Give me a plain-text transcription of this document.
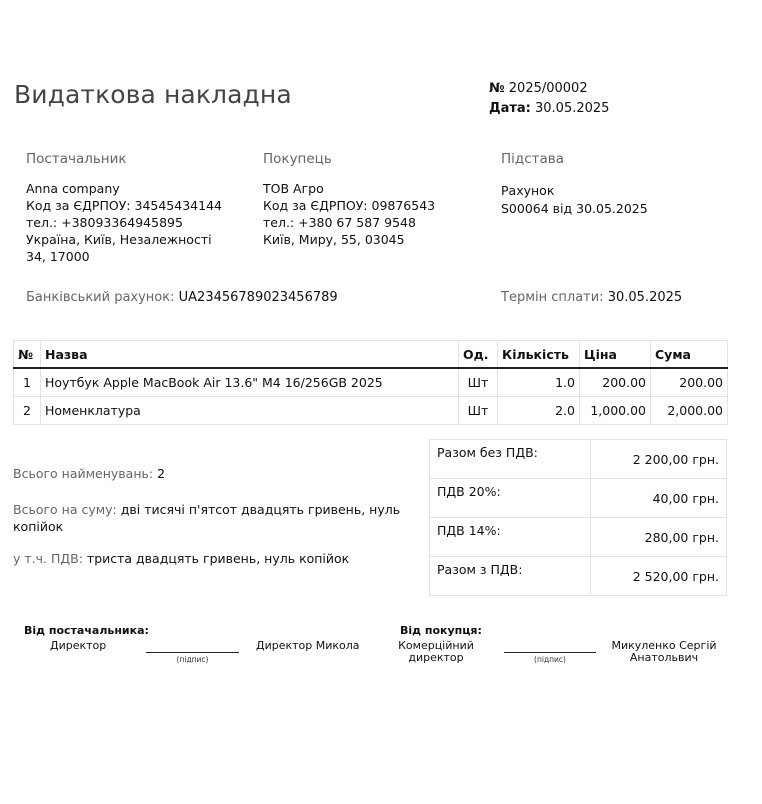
Видаткова накладна	№ 2025/00002
Дата: 30.05.2025
Постачальник
Anna company
Код за ЄДРПОУ: 34545434144
тел.: +38093364945895
Україна, Київ, Незалежності
34, 17000
Покупець
ТОВ Агро
Код за ЄДРПОУ: 09876543
тел.: +380 67 587 9548
Київ, Миру, 55, 03045
Підстава
Рахунок
S00064 від 30.05.2025
Банківський рахунок: UA23456789023456789	Термін сплати: 30.05.2025
№	Назва	Од.	Кількість	Ціна	Сума
1	Ноутбук Apple MacBook Air 13.6" M4 16/256GB 2025	Шт	1.0	200.00	200.00
2	Номенклатура	Шт	2.0	1,000.00	2,000.00
Разом без ПДВ:	2 200,00 грн.
ПДВ 20%:	40,00 грн.
ПДВ 14%:	280,00 грн.
Разом з ПДВ:	2 520,00 грн.
Всього найменувань: 2
Всього на суму: дві тисячі п'ятсот двадцять гривень, нуль
копійок
у т.ч. ПДВ: триста двадцять гривень, нуль копійок
Від постачальника:
Директор
(підпис)
Директор Микола
Від покупця:
Комерційний
директор	(підпис)
Микуленко Сергій
Анатольвич
